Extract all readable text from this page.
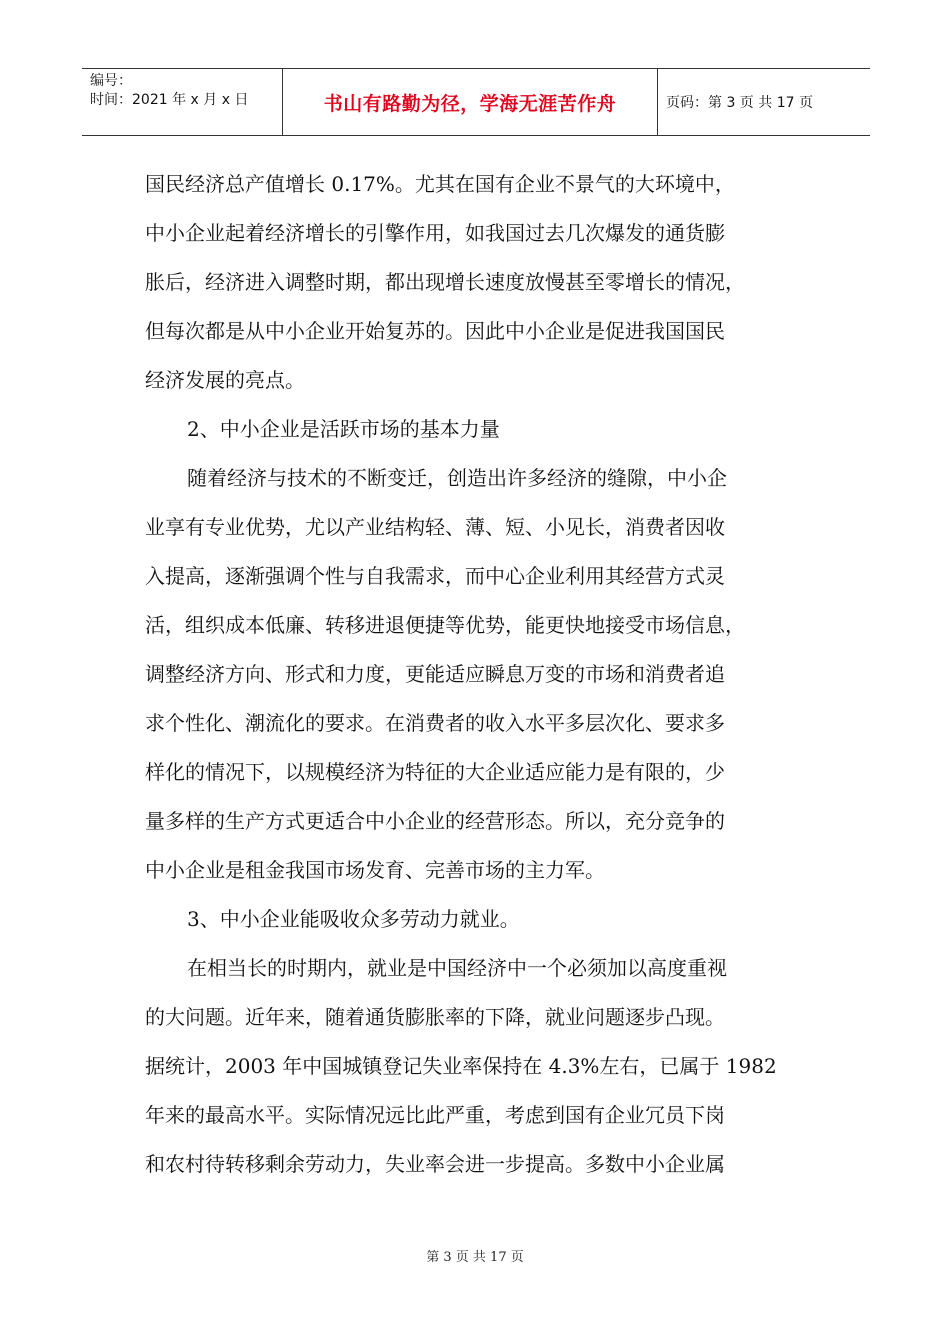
编号：
时间：2021 年 x 月 x 日	书山有路勤为径，学海无涯苦作舟	页码：第 3 页 共 17 页
国民经济总产值增长 0.17%。尤其在国有企业不景气的大环境中，
中小企业起着经济增长的引擎作用，如我国过去几次爆发的通货膨
胀后，经济进入调整时期，都出现增长速度放慢甚至零增长的情况，
但每次都是从中小企业开始复苏的。因此中小企业是促进我国国民
经济发展的亮点。
2、中小企业是活跃市场的基本力量
随着经济与技术的不断变迁，创造出许多经济的缝隙，中小企
业享有专业优势，尤以产业结构轻、薄、短、小见长，消费者因收
入提高，逐渐强调个性与自我需求，而中心企业利用其经营方式灵
活，组织成本低廉、转移进退便捷等优势，能更快地接受市场信息，
调整经济方向、形式和力度，更能适应瞬息万变的市场和消费者追
求个性化、潮流化的要求。在消费者的收入水平多层次化、要求多
样化的情况下，以规模经济为特征的大企业适应能力是有限的，少
量多样的生产方式更适合中小企业的经营形态。所以，充分竞争的
中小企业是租金我国市场发育、完善市场的主力军。
3、中小企业能吸收众多劳动力就业。
在相当长的时期内，就业是中国经济中一个必须加以高度重视
的大问题。近年来，随着通货膨胀率的下降，就业问题逐步凸现。
据统计，2003 年中国城镇登记失业率保持在 4.3%左右，已属于 1982
年来的最高水平。实际情况远比此严重，考虑到国有企业冗员下岗
和农村待转移剩余劳动力，失业率会进一步提高。多数中小企业属
第 3 页 共 17 页
